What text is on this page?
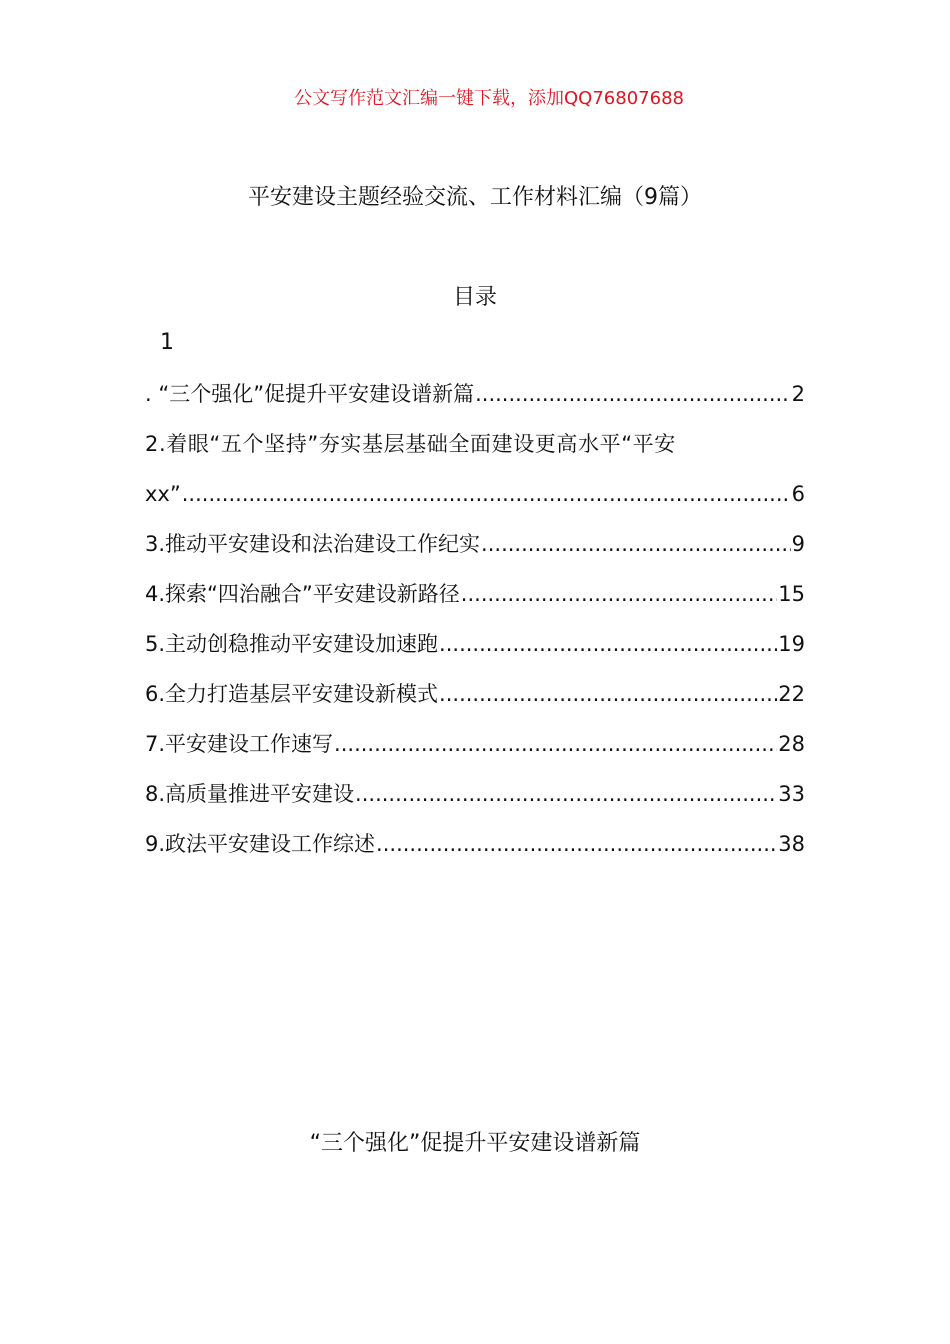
公文写作范文汇编一键下载，添加QQ76807688
平安建设主题经验交流、工作材料汇编（9篇）
目录
1
. “三个强化”促提升平安建设谱新篇 .....	2
2.着眼“五个坚持”夯实基层基础全面建设更高水平“平安
xx” .....	6
3.推动平安建设和法治建设工作纪实 .....	9
4.探索“四治融合”平安建设新路径 .....	15
5.主动创稳推动平安建设加速跑 .....	19
6.全力打造基层平安建设新模式 .....	22
7.平安建设工作速写 .....	28
8.高质量推进平安建设 .....	33
9.政法平安建设工作综述 .....	38
“三个强化”促提升平安建设谱新篇
